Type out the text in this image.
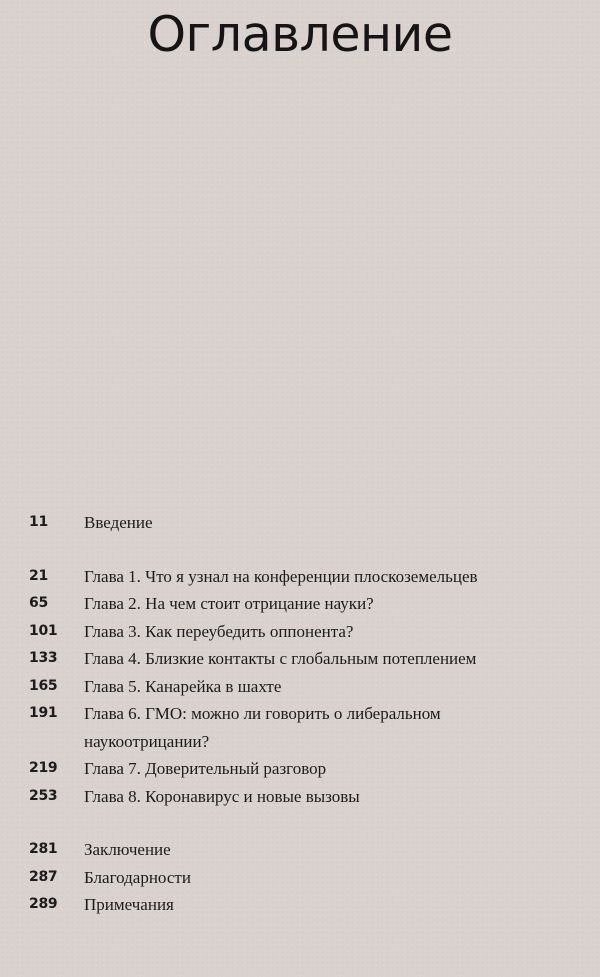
Оглавление
11	Введение
21	Глава 1. Что я узнал на конференции плоскоземельцев
65	Глава 2. На чем стоит отрицание науки?
101	Глава 3. Как переубедить оппонента?
133	Глава 4. Близкие контакты с глобальным потеплением
165	Глава 5. Канарейка в шахте
191	Глава 6. ГМО: можно ли говорить о либеральном наукоотрицании?
219	Глава 7. Доверительный разговор
253	Глава 8. Коронавирус и новые вызовы
281	Заключение
287	Благодарности
289	Примечания
